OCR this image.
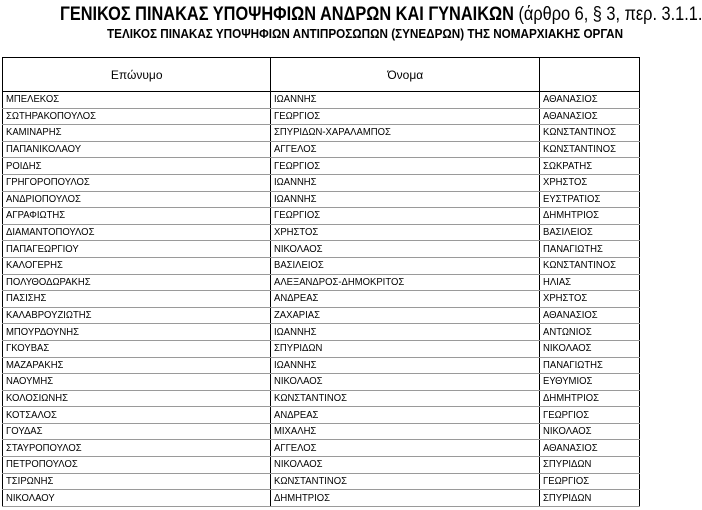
ΓΕΝΙΚΟΣ ΠΙΝΑΚΑΣ ΥΠΟΨΗΦΙΩΝ ΑΝΔΡΩΝ ΚΑΙ ΓΥΝΑΙΚΩΝ (άρθρο 6, § 3, περ. 3.1.1.
ΤΕΛΙΚΟΣ ΠΙΝΑΚΑΣ ΥΠΟΨΗΦΙΩΝ ΑΝΤΙΠΡΟΣΩΠΩΝ (ΣΥΝΕΔΡΩΝ) ΤΗΣ ΝΟΜΑΡΧΙΑΚΗΣ ΟΡΓΑΝ
Επώνυμο	Όνομα	
ΜΠΕΛΕΚΟΣ	ΙΩΑΝΝΗΣ	ΑΘΑΝΑΣΙΟΣ
ΣΩΤΗΡΑΚΟΠΟΥΛΟΣ	ΓΕΩΡΓΙΟΣ	ΑΘΑΝΑΣΙΟΣ
ΚΑΜΙΝΑΡΗΣ	ΣΠΥΡΙΔΩΝ-ΧΑΡΑΛΑΜΠΟΣ	ΚΩΝΣΤΑΝΤΙΝΟΣ
ΠΑΠΑΝΙΚΟΛΑΟΥ	ΑΓΓΕΛΟΣ	ΚΩΝΣΤΑΝΤΙΝΟΣ
ΡΟΙΔΗΣ	ΓΕΩΡΓΙΟΣ	ΣΩΚΡΑΤΗΣ
ΓΡΗΓΟΡΟΠΟΥΛΟΣ	ΙΩΑΝΝΗΣ	ΧΡΗΣΤΟΣ
ΑΝΔΡΙΟΠΟΥΛΟΣ	ΙΩΑΝΝΗΣ	ΕΥΣΤΡΑΤΙΟΣ
ΑΓΡΑΦΙΩΤΗΣ	ΓΕΩΡΓΙΟΣ	ΔΗΜΗΤΡΙΟΣ
ΔΙΑΜΑΝΤΟΠΟΥΛΟΣ	ΧΡΗΣΤΟΣ	ΒΑΣΙΛΕΙΟΣ
ΠΑΠΑΓΕΩΡΓΙΟΥ	ΝΙΚΟΛΑΟΣ	ΠΑΝΑΓΙΩΤΗΣ
ΚΑΛΟΓΕΡΗΣ	ΒΑΣΙΛΕΙΟΣ	ΚΩΝΣΤΑΝΤΙΝΟΣ
ΠΟΛΥΘΟΔΩΡΑΚΗΣ	ΑΛΕΞΑΝΔΡΟΣ-ΔΗΜΟΚΡΙΤΟΣ	ΗΛΙΑΣ
ΠΑΣΙΣΗΣ	ΑΝΔΡΕΑΣ	ΧΡΗΣΤΟΣ
ΚΑΛΑΒΡΟΥΖΙΩΤΗΣ	ΖΑΧΑΡΙΑΣ	ΑΘΑΝΑΣΙΟΣ
ΜΠΟΥΡΔΟΥΝΗΣ	ΙΩΑΝΝΗΣ	ΑΝΤΩΝΙΟΣ
ΓΚΟΥΒΑΣ	ΣΠΥΡΙΔΩΝ	ΝΙΚΟΛΑΟΣ
ΜΑΖΑΡΑΚΗΣ	ΙΩΑΝΝΗΣ	ΠΑΝΑΓΙΩΤΗΣ
ΝΑΟΥΜΗΣ	ΝΙΚΟΛΑΟΣ	ΕΥΘΥΜΙΟΣ
ΚΟΛΟΣΙΩΝΗΣ	ΚΩΝΣΤΑΝΤΙΝΟΣ	ΔΗΜΗΤΡΙΟΣ
ΚΟΤΣΑΛΟΣ	ΑΝΔΡΕΑΣ	ΓΕΩΡΓΙΟΣ
ΓΟΥΔΑΣ	ΜΙΧΑΛΗΣ	ΝΙΚΟΛΑΟΣ
ΣΤΑΥΡΟΠΟΥΛΟΣ	ΑΓΓΕΛΟΣ	ΑΘΑΝΑΣΙΟΣ
ΠΕΤΡΟΠΟΥΛΟΣ	ΝΙΚΟΛΑΟΣ	ΣΠΥΡΙΔΩΝ
ΤΣΙΡΩΝΗΣ	ΚΩΝΣΤΑΝΤΙΝΟΣ	ΓΕΩΡΓΙΟΣ
ΝΙΚΟΛΑΟΥ	ΔΗΜΗΤΡΙΟΣ	ΣΠΥΡΙΔΩΝ
